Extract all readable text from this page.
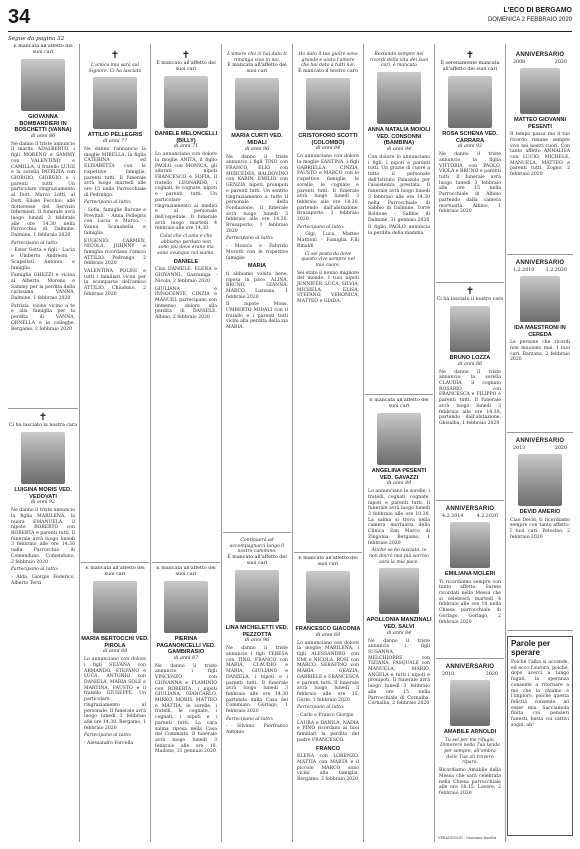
34	L'ECO DI BERGAMO
DOMENICA 2 FEBBRAIO 2020
Segue da pagina 32
È mancata all'affetto dei suoi cari
GIOVANNA BOMBARDIERI IN BOSCHETTI (VANNA)
di anni 86
Ne danno il triste annuncio il marito ADALBERTO, i figli MORENO e SAMMY con VALENTINO e CAMILLA, il fratello LUIGI e la sorella PATRIZIA con GIORGIO, GIORGIO e i parenti tutti. Un particolare ringraziamento al Dott. Marco Lotti, al Dott. Eliseo Fecchio, alle dottoresse del Servizio Infermieri. Il funerale avrà luogo lunedì 3 febbraio alle ore 14.30 nella Parrocchia di Dalmine. Dalmine, 1 febbraio 2020
Partecipano al lutto:
- Ester Gotta e figli - Lucia e Umberto Andreoni - Scapellati Antonio e famiglia
Famiglia GHEZZI e vicina al Alberto, Moreno e Sammy per la perdita della carissima VANNA. Dalmine, 1 febbraio 2020
Patrizia, vicino vicino a te e alla famiglia per la perdita di VANNA. ORNELLA e le colleghe. Bergamo, 2 febbraio 2020
✝
Ci ha lasciato la nostra cara
LUIGINA MORIS VED. VEDOVATI
di anni 92
Ne danno il triste annuncio la figlia MARILENA, la nuora EMANUELA, il nipote ROBERTO con ROBERTA e parenti tutti. Il funerale avrà luogo lunedì 3 febbraio alle ore 14.30 nella Parrocchia di Comenduno. Comenduno, 2 febbraio 2020
Partecipano al lutto:
- Alda, Giorgio Federico, Alberto Terzi
✝
L'amica mia sarà sul Signore. Ci ha lasciato
ATTILIO PELLEGRIS
di anni 77
Ne danno l'annuncio la moglie MIRELLA, la figlia CATERINA ed ELISABETTA con le rispettive famiglie, parenti tutti. Il funerale avrà luogo martedì alle ore 15 nella Parrocchiale di Pedrengo.
Partecipano al lutto:
- Sofia, famiglie Barone e Previtali. - Anna Pellegris con Lucia e Marco. - Vanna Scanabella e famiglia
EUGENIO, CARMEN, NICOLA, JOHNNY e famiglia ricordano l'amico ATTILIO. Pedrengo, 2 febbraio 2020
VALENTINA POLINI e tutti i familiari vicini per la scomparsa dell'amico ATTILIO. Chiuduno, 2 febbraio 2020
È mancata all'affetto dei suoi cari
MARIA BERTOCCHI VED. PIROLA
di anni 88
Lo annunciano con dolore i figli SILVANA con ARMANDO, STEFANO e LUCA, ANTONIO con DANIELA, MARIA SOLE e MARTINA, FAUSTO e il fratello GIUSEPPE. Un particolare ringraziamento al personale. Il funerale avrà luogo lunedì 3 febbraio alle ore 14.30. Bergamo, 1 febbraio 2020
Partecipano al lutto:
- Alessandro Forcella
✝
È mancato all'affetto dei suoi cari
DANIELE MELONCELLI (BILLY)
di anni 71
Lo annunciano con dolore la moglie ANITA, il figlio PAOLO con MONICA, gli adorati nipoti FRANCESCO e SOFIA, il fratello LEONARDO, i cognati, le cognate, nipoti e parenti tutti. Un particolare ringraziamento ai medici e al personale dell'ospedale. Il funerale avrà luogo martedì 4 febbraio alle ore 14.30.
Colui che ci ama e che abbiamo perduto non sono più dove erano ma sono ovunque noi siamo.
DANIELE
Ciao DANIELE. ELENA e GIOVANNI. Gazzaniga - Nicola, 2 febbraio 2020
GIULIANA e INNOCENTE, CINZIA e MANUEL partecipano con immenso dolore alla perdita di DANIELE. Albino, 2 febbraio 2020
È mancata all'affetto dei suoi cari
PIERINA PAGANONCELLI VED. GAMBIRASIO
di anni 87
Ne danno il triste annuncio i figli VINCENZO con GIOVANNA e FLAMINIO con ROBERTA, i nipoti GIULIANA, GIANCARLO, MIRKO, MORIS, MATTEO e MATTIA, le sorelle, i fratelli, le cognate, i cognati, i nipoti e i parenti tutti. La cara salma riposa nella Casa del Commiato. Il funerale avrà luogo lunedì 3 febbraio alle ore 10. Madone, 31 gennaio 2020
L'amore che ci hai dato ti rimanga vivo in noi.
È mancata all'affetto dei suoi cari
MARIA CURTI VED. MIDALI
di anni 96
Ne danno il triste annuncio i figli TINO con FRANCO, ELIO con MERCEDES, BALDOVINO con KARIN, EMILIO con GENZIA, nipoti, pronipoti e parenti tutti. Un sentito ringraziamento a tutto il personale della Fondazione. Il funerale avrà luogo lunedì 3 febbraio alle ore 14.30. Brusaporto, 1 febbraio 2020
Partecipano al lutto:
- Monica e Fabrizio Morotti con le rispettive famiglie
MARIA
ti abbiamo voluto bene, riposa in pace. ALINA, BRUNO, GIANNA, MARCO. Luzzana, 1 febbraio 2020
Il nipote Mons. UMBERTO MIDALI con il fratello e i parenti tutti vicini alla perdita della zia MARIA.
Continuerà ad accompagnarci lungo il nostro cammino.
È mancato all'affetto dei suoi cari
LINA MICHELETTI VED. PEZZOTTA
di anni 96
Ne danno il triste annuncio i figli TERESA con TINO, FRANCO con MARIA, CLAUDIO e MARIA, GIULIANO e DANIELA, i nipoti e i parenti tutti. Il funerale avrà luogo lunedì 3 febbraio alle ore 14.30 partendo dalla Casa del Commiato. Gorlago, 1 febbraio 2020
Partecipano al lutto:
- Silvano Pierfranco Antonio
Ho dato il tuo gioire sono grande e aiuto l'amore che hai dato a tutti noi.
È mancato il nostro caro
CRISTOFORO SCOTTI (COLOMBO)
di anni 84
Lo annunciano con dolore la moglie SANTINA, i figli GABRIELLA, CINZIA, FAUSTO e MARCO con le rispettive famiglie, le sorelle, le cognate e parenti tutti. Il funerale avrà luogo lunedì 3 febbraio alle ore 14.30, partendo dall'abitazione. Brusaporto, 1 febbraio 2020
Partecipano al lutto:
- Gigi, Luca, Matteo Mattioni - Famiglia F.lli Rinaldi
Ci sei posta da dove questo vive sempre nel mio cuore.
Sei stato il nonno migliore del mondo. I tuoi nipoti JENNIFER, LUCA, SILVIA, MICHELA, ELISA, STEFANO, VERONICA, MATTEO e GIADA.
È mancato all'affetto dei suoi cari
FRANCESCO GIACONIA
di anni 69
Lo annunciano con dolore la moglie MARILENA, i figli ALESSANDRO con EMI e NICOLA, ROSI con MARCO, SERAFINO con MARIA GRAZIA, GABRIELE e FRANCESCA e parenti tutti. Il funerale avrà luogo lunedì 3 febbraio alle ore 15. Gorle, 1 febbraio 2020
Partecipano al lutto:
- Carlo e Franco Giorgio
LAURA e DANILA, NADIA e PINO ricordano ai tuoi familiari la perdita del padre FRANCESCO.
FRANCO
ELENA con LORENZO, MATTIA con MARTA e il piccolo MARCO sono vicini alla famiglia. Bergamo, 2 febbraio 2020
Restando sempre nei ricordi della vita dei suoi cari, è mancata
ANNA NATALIA MOIOLI VED. CONSONNI (BAMBINA)
di anni 94
Con dolore lo annunciano i figli, i nipoti e parenti tutti. Un grazie di cuore a tutto il personale dell'Istituto Palazzolo per l'assistenza prestata. Il funerale avrà luogo lunedì 3 febbraio alle ore 14.30 nella Parrocchiale di Sabbio di Dalmine. Torre Boldone - Sabbio di Dalmine, 31 gennaio 2020
Il figlio PAOLO annuncia la perdita della mamma
È mancata all'affetto dei suoi cari
ANGELINA PESENTI VED. GAVAZZI
di anni 89
Lo annunciano le sorelle, i fratelli, cognati, cognate, nipoti e parenti tutti. Il funerale avrà luogo lunedì 3 febbraio alle ore 10.30. La salma si trova nella camera mortuaria della Clinica San Marco di Zingonia. Bergamo, 1 febbraio 2020
Anche se ho lasciato, io non dovrò mai più sorriso sarà la mia pace.
APOLLONIA MANZINALI VED. SALVI
di anni 84
Ne danno il triste annuncio i figli SUSANNA, MELCHIORRE con TIZIANA, PASQUALE con MANUELA, MARIO, ANGELA e tutti i nipoti e pronipoti. Il funerale avrà luogo lunedì 3 febbraio alle ore 15 nella Parrocchiale di Cornalba. Cornalba, 2 febbraio 2020
✝
È serenamente mancata all'affetto dei suoi cari
ROSA SCHENA VED. CARRARA
di anni 92
Ne danno il triste annuncio la figlia VITTORIA con PAOLO, VIOLA e BRUNO e parenti tutti. Il funerale avrà luogo lunedì 3 febbraio alle ore 15 nella Parrocchiale di Albino partendo dalla camera mortuaria. Albino, 1 febbraio 2020
✝
Ci ha lasciato il nostro caro
BRUNO LOZZA
di anni 86
Ne danno il triste annuncio la sorella CLAUDIA, il cognato ROSARIO con FRANCESCA e FILIPPO e parenti tutti. Il funerale avrà luogo lunedì 3 febbraio alle ore 14.30, partendo dall'abitazione. Ghisalba, 1 febbraio 2020
ANNIVERSARIO
4.2.2014	4.2.2020
EMILIANA MOLERI
Ti ricordiamo sempre con tanto affetto. Sarete ricordati nella Messa che si celebrerà martedì 4 febbraio alle ore 18 nella Chiesa parrocchiale di Gorlago. Gorlago, 2 febbraio 2020
ANNIVERSARIO
2010	2020
AMABILE ARNOLDI
Tu sei per me rifugio, Dimorerò nella Tua tenda per sempre, all'ombra delle Tue ali troverò riparo.
Ricordiamo Amabile dalla Messa che sarà celebrata nella Chiesa parrocchiale alle ore 18.15. Lovere, 2 febbraio 2020
VERANDOLIO - Onoranze funebri
ANNIVERSARIO
2008	2020
MATTEO GIOVANNI PESENTI
Il tempo passa ma il tuo ricordo rimane sempre vivo nei nostri cuori. Con tanto affetto ANNALISA con LUCIO, MICHELE, MANUELA, MATTEO e parenti tutti. Zogno, 2 febbraio 2020
ANNIVERSARIO
1.2.2010 1.2.2020
IDA MAESTRONI IN CEREDA
Le persone che ricordi non muoiono mai. I tuoi cari. Barzana, 2 febbraio 2020
ANNIVERSARIO
2013	2020
DEVID AMERIO
Ciao Devid, ti ricordiamo sempre con tanto affetto. I tuoi cari. Petosino, 2 febbraio 2020
Parole per sperare
Poiché l'alba si accende, ed ecco l'aurora, poiché, dopo averci a lungo fugati, la speranza consente a ritornare a me che la chiamo e l'implorò, poiché questa felicità consente ad esser mia. Sacciamola finita coi pensieri funesti, basta coi cattivi sogni, ah!
